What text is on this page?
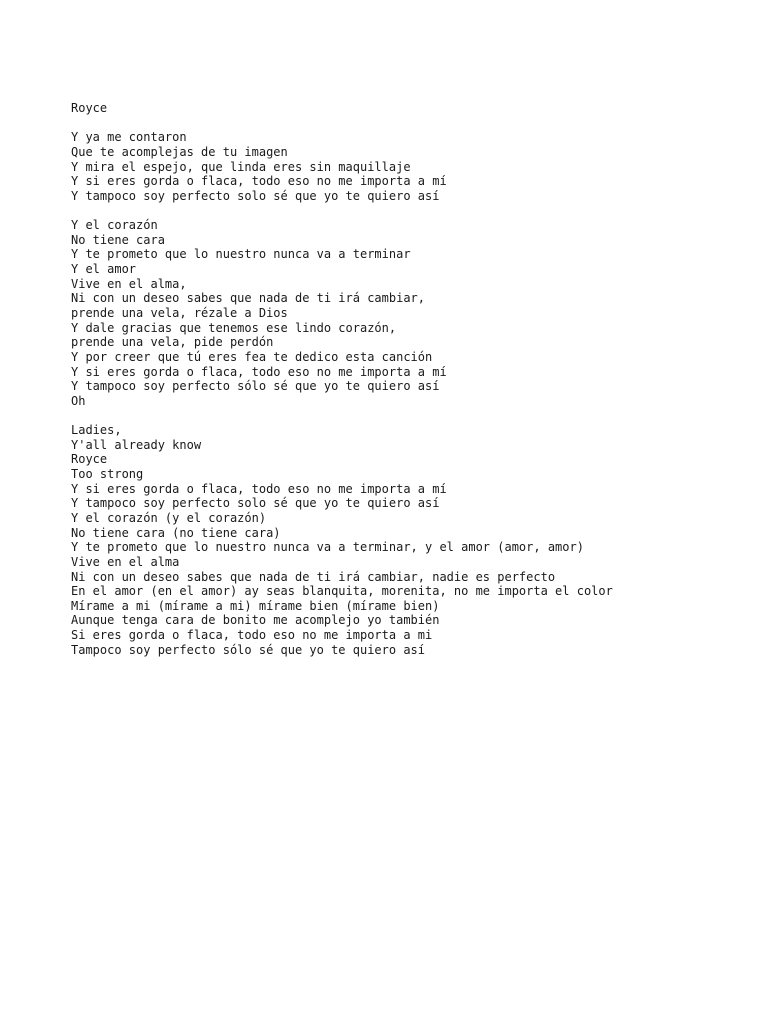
Royce
Y ya me contaron
Que te acomplejas de tu imagen
Y mira el espejo, que linda eres sin maquillaje
Y si eres gorda o flaca, todo eso no me importa a mí
Y tampoco soy perfecto solo sé que yo te quiero así
Y el corazón
No tiene cara
Y te prometo que lo nuestro nunca va a terminar
Y el amor
Vive en el alma,
Ni con un deseo sabes que nada de ti irá cambiar,
prende una vela, rézale a Dios
Y dale gracias que tenemos ese lindo corazón,
prende una vela, pide perdón
Y por creer que tú eres fea te dedico esta canción
Y si eres gorda o flaca, todo eso no me importa a mí
Y tampoco soy perfecto sólo sé que yo te quiero así
Oh
Ladies,
Y'all already know
Royce
Too strong
Y si eres gorda o flaca, todo eso no me importa a mí
Y tampoco soy perfecto solo sé que yo te quiero así
Y el corazón (y el corazón)
No tiene cara (no tiene cara)
Y te prometo que lo nuestro nunca va a terminar, y el amor (amor, amor)
Vive en el alma
Ni con un deseo sabes que nada de ti irá cambiar, nadie es perfecto
En el amor (en el amor) ay seas blanquita, morenita, no me importa el color
Mírame a mi (mírame a mi) mírame bien (mírame bien)
Aunque tenga cara de bonito me acomplejo yo también
Si eres gorda o flaca, todo eso no me importa a mi
Tampoco soy perfecto sólo sé que yo te quiero así
